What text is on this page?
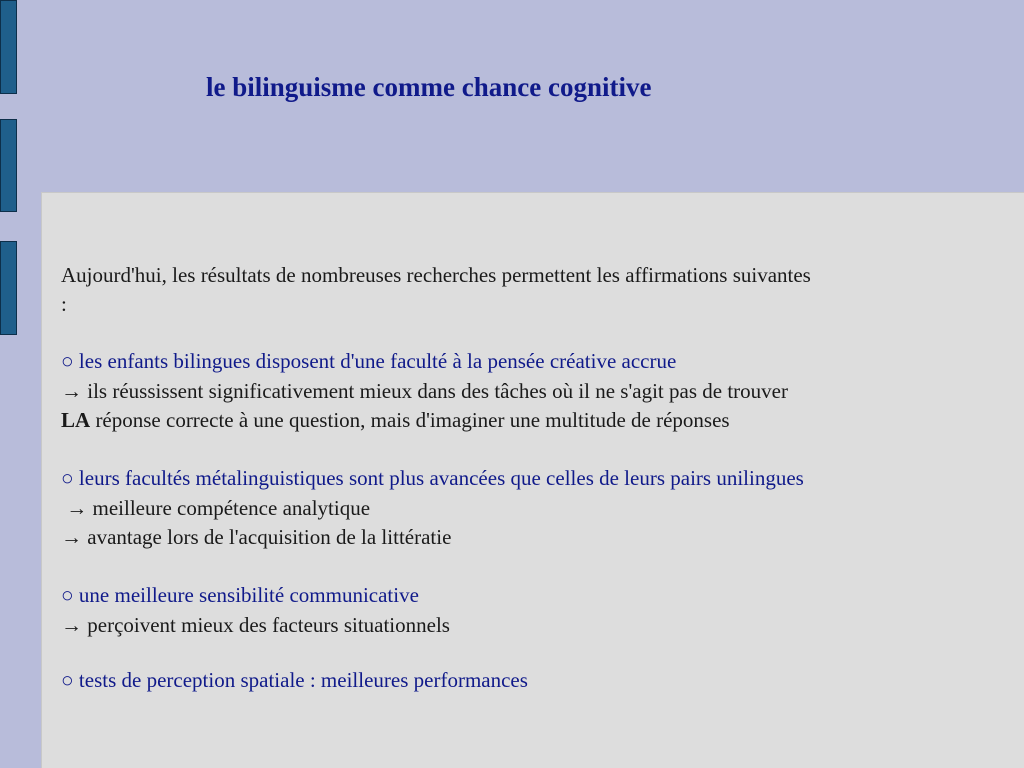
le bilinguisme comme chance cognitive
Aujourd'hui, les résultats de nombreuses recherches permettent les affirmations suivantes
:
○ les enfants bilingues disposent d'une faculté à la pensée créative accrue
→ ils réussissent significativement mieux dans des tâches où il ne s'agit pas de trouver
LA réponse correcte à une question, mais d'imaginer une multitude de réponses
○ leurs facultés métalinguistiques sont plus avancées que celles de leurs pairs unilingues
→ meilleure compétence analytique
→ avantage lors de l'acquisition de la littératie
○ une meilleure sensibilité communicative
→ perçoivent mieux des facteurs situationnels
○ tests de perception spatiale : meilleures performances
